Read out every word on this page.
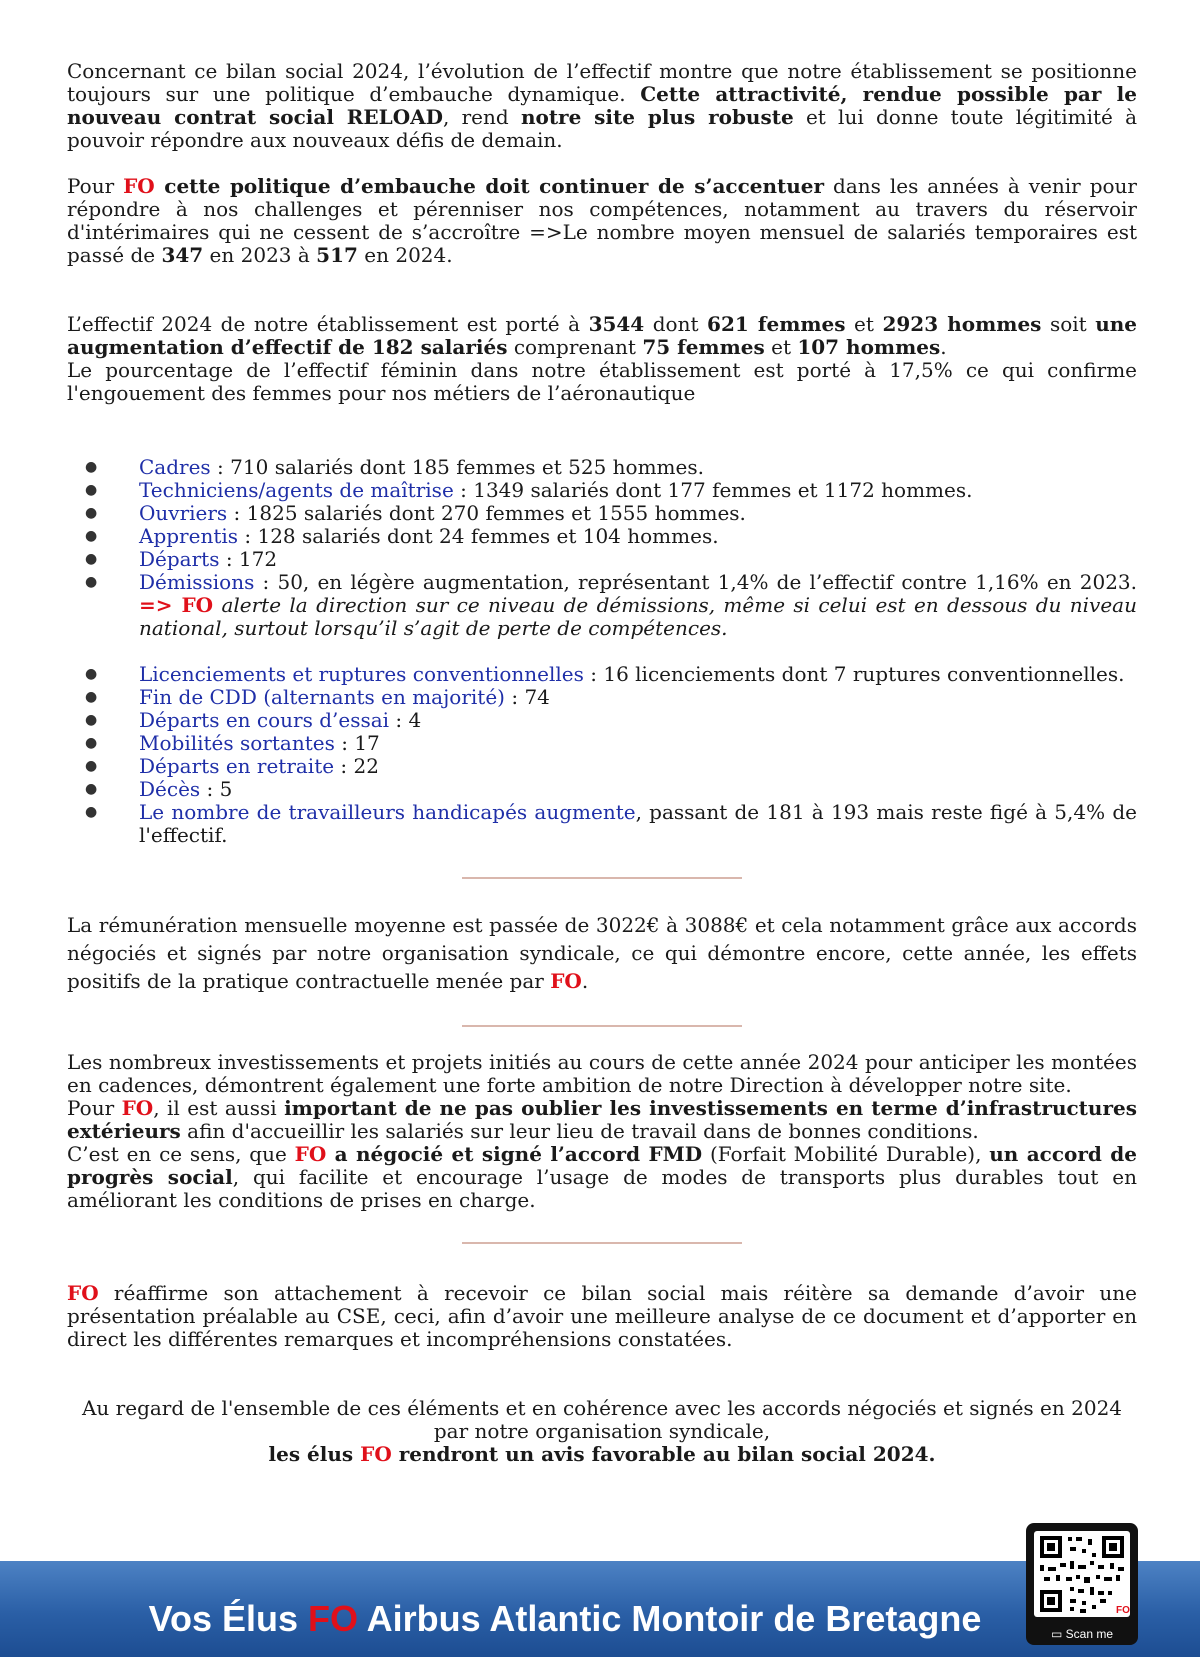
Concernant ce bilan social 2024, l’évolution de l’effectif montre que notre établissement se positionne toujours sur une politique d’embauche dynamique. Cette attractivité, rendue possible par le nouveau contrat social RELOAD, rend notre site plus robuste et lui donne toute légitimité à pouvoir répondre aux nouveaux défis de demain.

Pour FO cette politique d’embauche doit continuer de s’accentuer dans les années à venir pour répondre à nos challenges et pérenniser nos compétences, notamment au travers du réservoir d'intérimaires qui ne cessent de s’accroître =>Le nombre moyen mensuel de salariés temporaires est passé de 347 en 2023 à 517 en 2024.

L’effectif 2024 de notre établissement est porté à 3544 dont 621 femmes et 2923 hommes soit une augmentation d’effectif de 182 salariés comprenant 75 femmes et 107 hommes.
Le pourcentage de l’effectif féminin dans notre établissement est porté à 17,5% ce qui confirme l'engouement des femmes pour nos métiers de l’aéronautique

● Cadres : 710 salariés dont 185 femmes et 525 hommes.
● Techniciens/agents de maîtrise : 1349 salariés dont 177 femmes et 1172 hommes.
● Ouvriers : 1825 salariés dont 270 femmes et 1555 hommes.
● Apprentis : 128 salariés dont 24 femmes et 104 hommes.
● Départs : 172
● Démissions : 50, en légère augmentation, représentant 1,4% de l’effectif contre 1,16% en 2023. => FO alerte la direction sur ce niveau de démissions, même si celui est en dessous du niveau national, surtout lorsqu’il s’agit de perte de compétences.
● Licenciements et ruptures conventionnelles : 16 licenciements dont 7 ruptures conventionnelles.
● Fin de CDD (alternants en majorité) : 74
● Départs en cours d’essai : 4
● Mobilités sortantes : 17
● Départs en retraite : 22
● Décès : 5
● Le nombre de travailleurs handicapés augmente, passant de 181 à 193 mais reste figé à 5,4% de l'effectif.

La rémunération mensuelle moyenne est passée de 3022€ à 3088€ et cela notamment grâce aux accords négociés et signés par notre organisation syndicale, ce qui démontre encore, cette année, les effets positifs de la pratique contractuelle menée par FO.

Les nombreux investissements et projets initiés au cours de cette année 2024 pour anticiper les montées en cadences, démontrent également une forte ambition de notre Direction à développer notre site.
Pour FO, il est aussi important de ne pas oublier les investissements en terme d’infrastructures extérieurs afin d'accueillir les salariés sur leur lieu de travail dans de bonnes conditions.
C’est en ce sens, que FO a négocié et signé l’accord FMD (Forfait Mobilité Durable), un accord de progrès social, qui facilite et encourage l’usage de modes de transports plus durables tout en améliorant les conditions de prises en charge.

FO réaffirme son attachement à recevoir ce bilan social mais réitère sa demande d’avoir une présentation préalable au CSE, ceci, afin d’avoir une meilleure analyse de ce document et d’apporter en direct les différentes remarques et incompréhensions constatées.

Au regard de l'ensemble de ces éléments et en cohérence avec les accords négociés et signés en 2024 par notre organisation syndicale,
les élus FO rendront un avis favorable au bilan social 2024.

Vos Élus FO Airbus Atlantic Montoir de Bretagne	FO
▭ Scan me
